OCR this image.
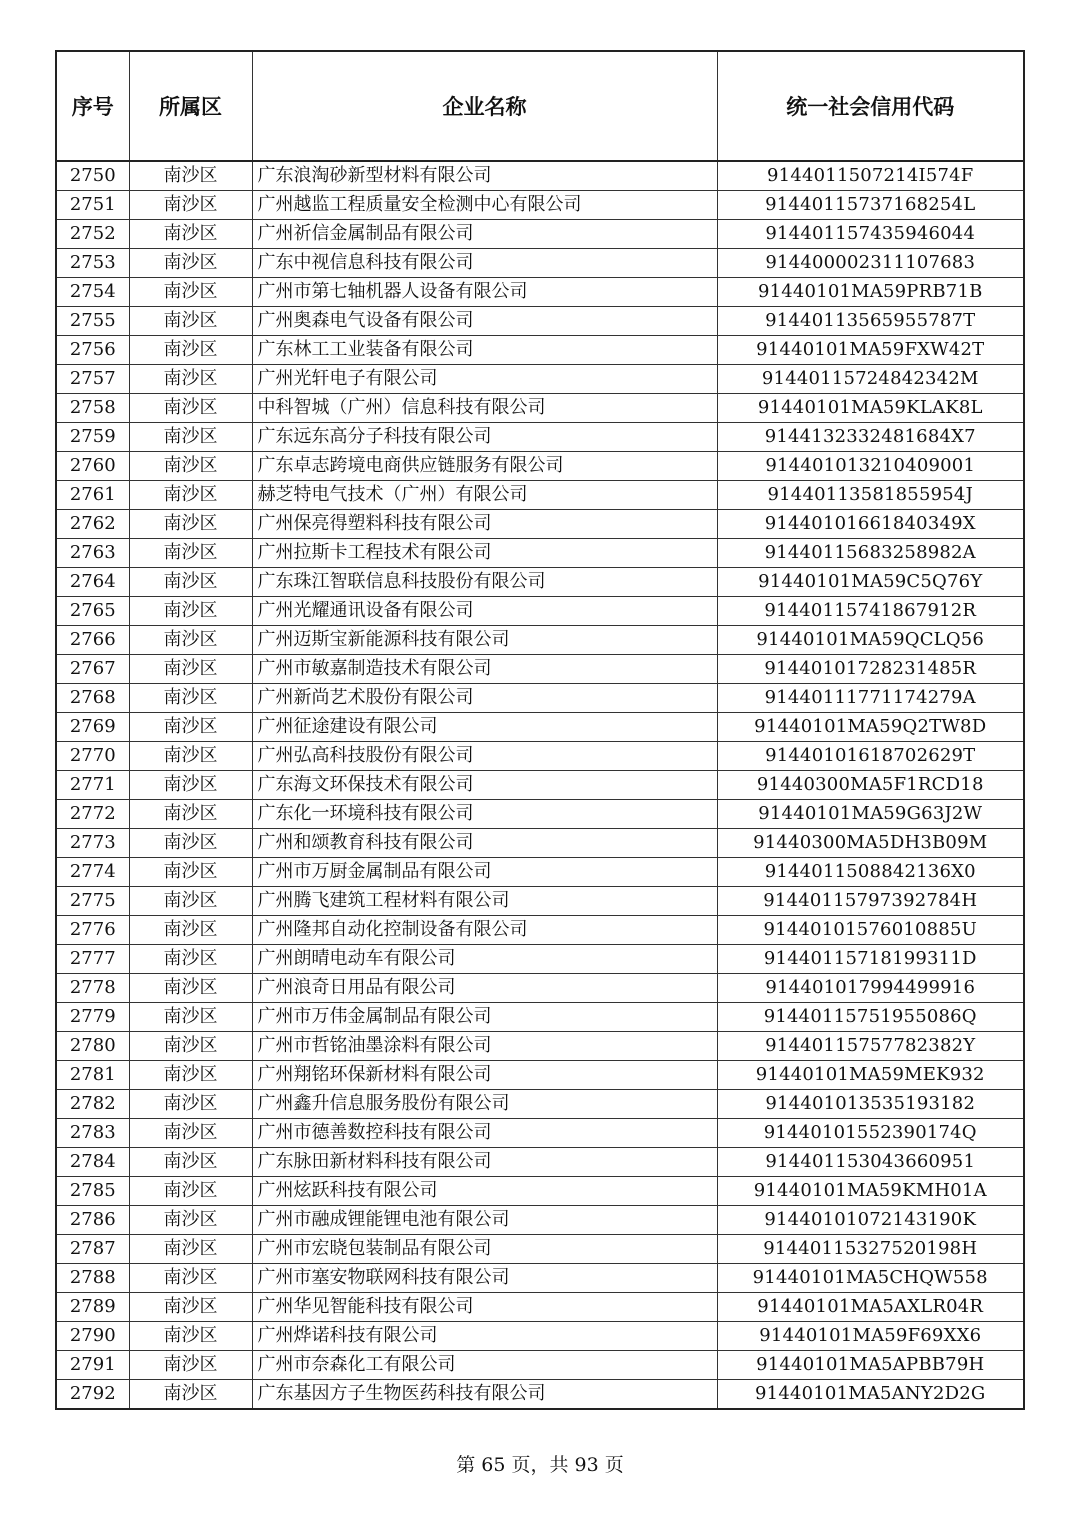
序号	所属区	企业名称	统一社会信用代码
2750	南沙区	广东浪淘砂新型材料有限公司	9144011507214I574F
2751	南沙区	广州越监工程质量安全检测中心有限公司	91440115737168254L
2752	南沙区	广州祈信金属制品有限公司	914401157435946044
2753	南沙区	广东中视信息科技有限公司	914400002311107683
2754	南沙区	广州市第七轴机器人设备有限公司	91440101MA59PRB71B
2755	南沙区	广州奥森电气设备有限公司	91440113565955787T
2756	南沙区	广东林工工业装备有限公司	91440101MA59FXW42T
2757	南沙区	广州光轩电子有限公司	91440115724842342M
2758	南沙区	中科智城（广州）信息科技有限公司	91440101MA59KLAK8L
2759	南沙区	广东远东高分子科技有限公司	9144132332481684X7
2760	南沙区	广东卓志跨境电商供应链服务有限公司	914401013210409001
2761	南沙区	赫芝特电气技术（广州）有限公司	91440113581855954J
2762	南沙区	广州保亮得塑料科技有限公司	91440101661840349X
2763	南沙区	广州拉斯卡工程技术有限公司	91440115683258982A
2764	南沙区	广东珠江智联信息科技股份有限公司	91440101MA59C5Q76Y
2765	南沙区	广州光耀通讯设备有限公司	91440115741867912R
2766	南沙区	广州迈斯宝新能源科技有限公司	91440101MA59QCLQ56
2767	南沙区	广州市敏嘉制造技术有限公司	91440101728231485R
2768	南沙区	广州新尚艺术股份有限公司	91440111771174279A
2769	南沙区	广州征途建设有限公司	91440101MA59Q2TW8D
2770	南沙区	广州弘高科技股份有限公司	91440101618702629T
2771	南沙区	广东海文环保技术有限公司	91440300MA5F1RCD18
2772	南沙区	广东化一环境科技有限公司	91440101MA59G63J2W
2773	南沙区	广州和颂教育科技有限公司	91440300MA5DH3B09M
2774	南沙区	广州市万厨金属制品有限公司	9144011508842136X0
2775	南沙区	广州腾飞建筑工程材料有限公司	91440115797392784H
2776	南沙区	广州隆邦自动化控制设备有限公司	91440101576010885U
2777	南沙区	广州朗晴电动车有限公司	91440115718199311D
2778	南沙区	广州浪奇日用品有限公司	914401017994499916
2779	南沙区	广州市万伟金属制品有限公司	91440115751955086Q
2780	南沙区	广州市哲铭油墨涂料有限公司	91440115757782382Y
2781	南沙区	广州翔铭环保新材料有限公司	91440101MA59MEK932
2782	南沙区	广州鑫升信息服务股份有限公司	914401013535193182
2783	南沙区	广州市德善数控科技有限公司	91440101552390174Q
2784	南沙区	广东脉田新材料科技有限公司	914401153043660951
2785	南沙区	广州炫跃科技有限公司	91440101MA59KMH01A
2786	南沙区	广州市融成锂能锂电池有限公司	91440101072143190K
2787	南沙区	广州市宏晓包装制品有限公司	91440115327520198H
2788	南沙区	广州市塞安物联网科技有限公司	91440101MA5CHQW558
2789	南沙区	广州华见智能科技有限公司	91440101MA5AXLR04R
2790	南沙区	广州烨诺科技有限公司	91440101MA59F69XX6
2791	南沙区	广州市奈森化工有限公司	91440101MA5APBB79H
2792	南沙区	广东基因方子生物医药科技有限公司	91440101MA5ANY2D2G
第 65 页，共 93 页
